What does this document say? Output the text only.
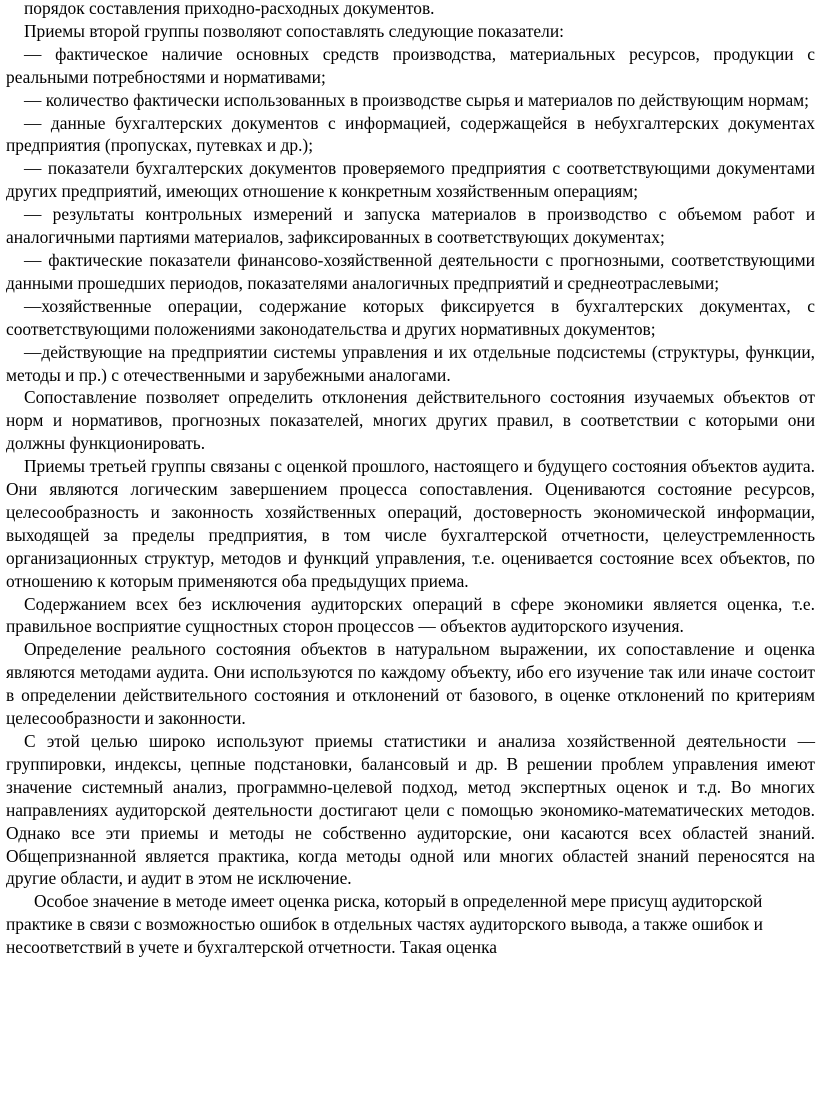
порядок составления приходно-расходных документов.

Приемы второй группы позволяют сопоставлять следующие показатели:

— фактическое наличие основных средств производства, материальных ресурсов, продукции с реальными потребностями и нормативами;

— количество фактически использованных в производстве сырья и материалов по действующим нормам;

— данные бухгалтерских документов с информацией, содержащейся в небухгалтерских документах предприятия (пропусках, путевках и др.);

— показатели бухгалтерских документов проверяемого предприятия с соответствующими документами других предприятий, имеющих отношение к конкретным хозяйственным операциям;

— результаты контрольных измерений и запуска материалов в производство с объемом работ и аналогичными партиями материалов, зафиксированных в соответствующих документах;

— фактические показатели финансово-хозяйственной деятельности с прогнозными, соответствующими данными прошедших периодов, показателями аналогичных предприятий и среднеотраслевыми;

—хозяйственные операции, содержание которых фиксируется в бухгалтерских документах, с соответствующими положениями законодательства и других нормативных документов;

—действующие на предприятии системы управления и их отдельные подсистемы (структуры, функции, методы и пр.) с отечественными и зарубежными аналогами.

Сопоставление позволяет определить отклонения действительного состояния изучаемых объектов от норм и нормативов, прогнозных показателей, многих других правил, в соответствии с которыми они должны функционировать.

Приемы третьей группы связаны с оценкой прошлого, настоящего и будущего состояния объектов аудита. Они являются логическим завершением процесса сопоставления. Оцениваются состояние ресурсов, целесообразность и законность хозяйственных операций, достоверность экономической информации, выходящей за пределы предприятия, в том числе бухгалтерской отчетности, целеустремленность организационных структур, методов и функций управления, т.е. оценивается состояние всех объектов, по отношению к которым применяются оба предыдущих приема.

Содержанием всех без исключения аудиторских операций в сфере экономики является оценка, т.е. правильное восприятие сущностных сторон процессов — объектов аудиторского изучения.

Определение реального состояния объектов в натуральном выражении, их сопоставление и оценка являются методами аудита. Они используются по каждому объекту, ибо его изучение так или иначе состоит в определении действительного состояния и отклонений от базового, в оценке отклонений по критериям целесообразности и законности.

С этой целью широко используют приемы статистики и анализа хозяйственной деятельности — группировки, индексы, цепные подстановки, балансовый и др. В решении проблем управления имеют значение системный анализ, программно-целевой подход, метод экспертных оценок и т.д. Во многих направлениях аудиторской деятельности достигают цели с помощью экономико-математических методов. Однако все эти приемы и методы не собственно аудиторские, они касаются всех областей знаний. Общепризнанной является практика, когда методы одной или многих областей знаний переносятся на другие области, и аудит в этом не исключение.

Особое значение в методе имеет оценка риска, который в определенной мере присущ аудиторской практике в связи с возможностью ошибок в отдельных частях аудиторского вывода, а также ошибок и несоответствий в учете и бухгалтерской отчетности. Такая оценка
